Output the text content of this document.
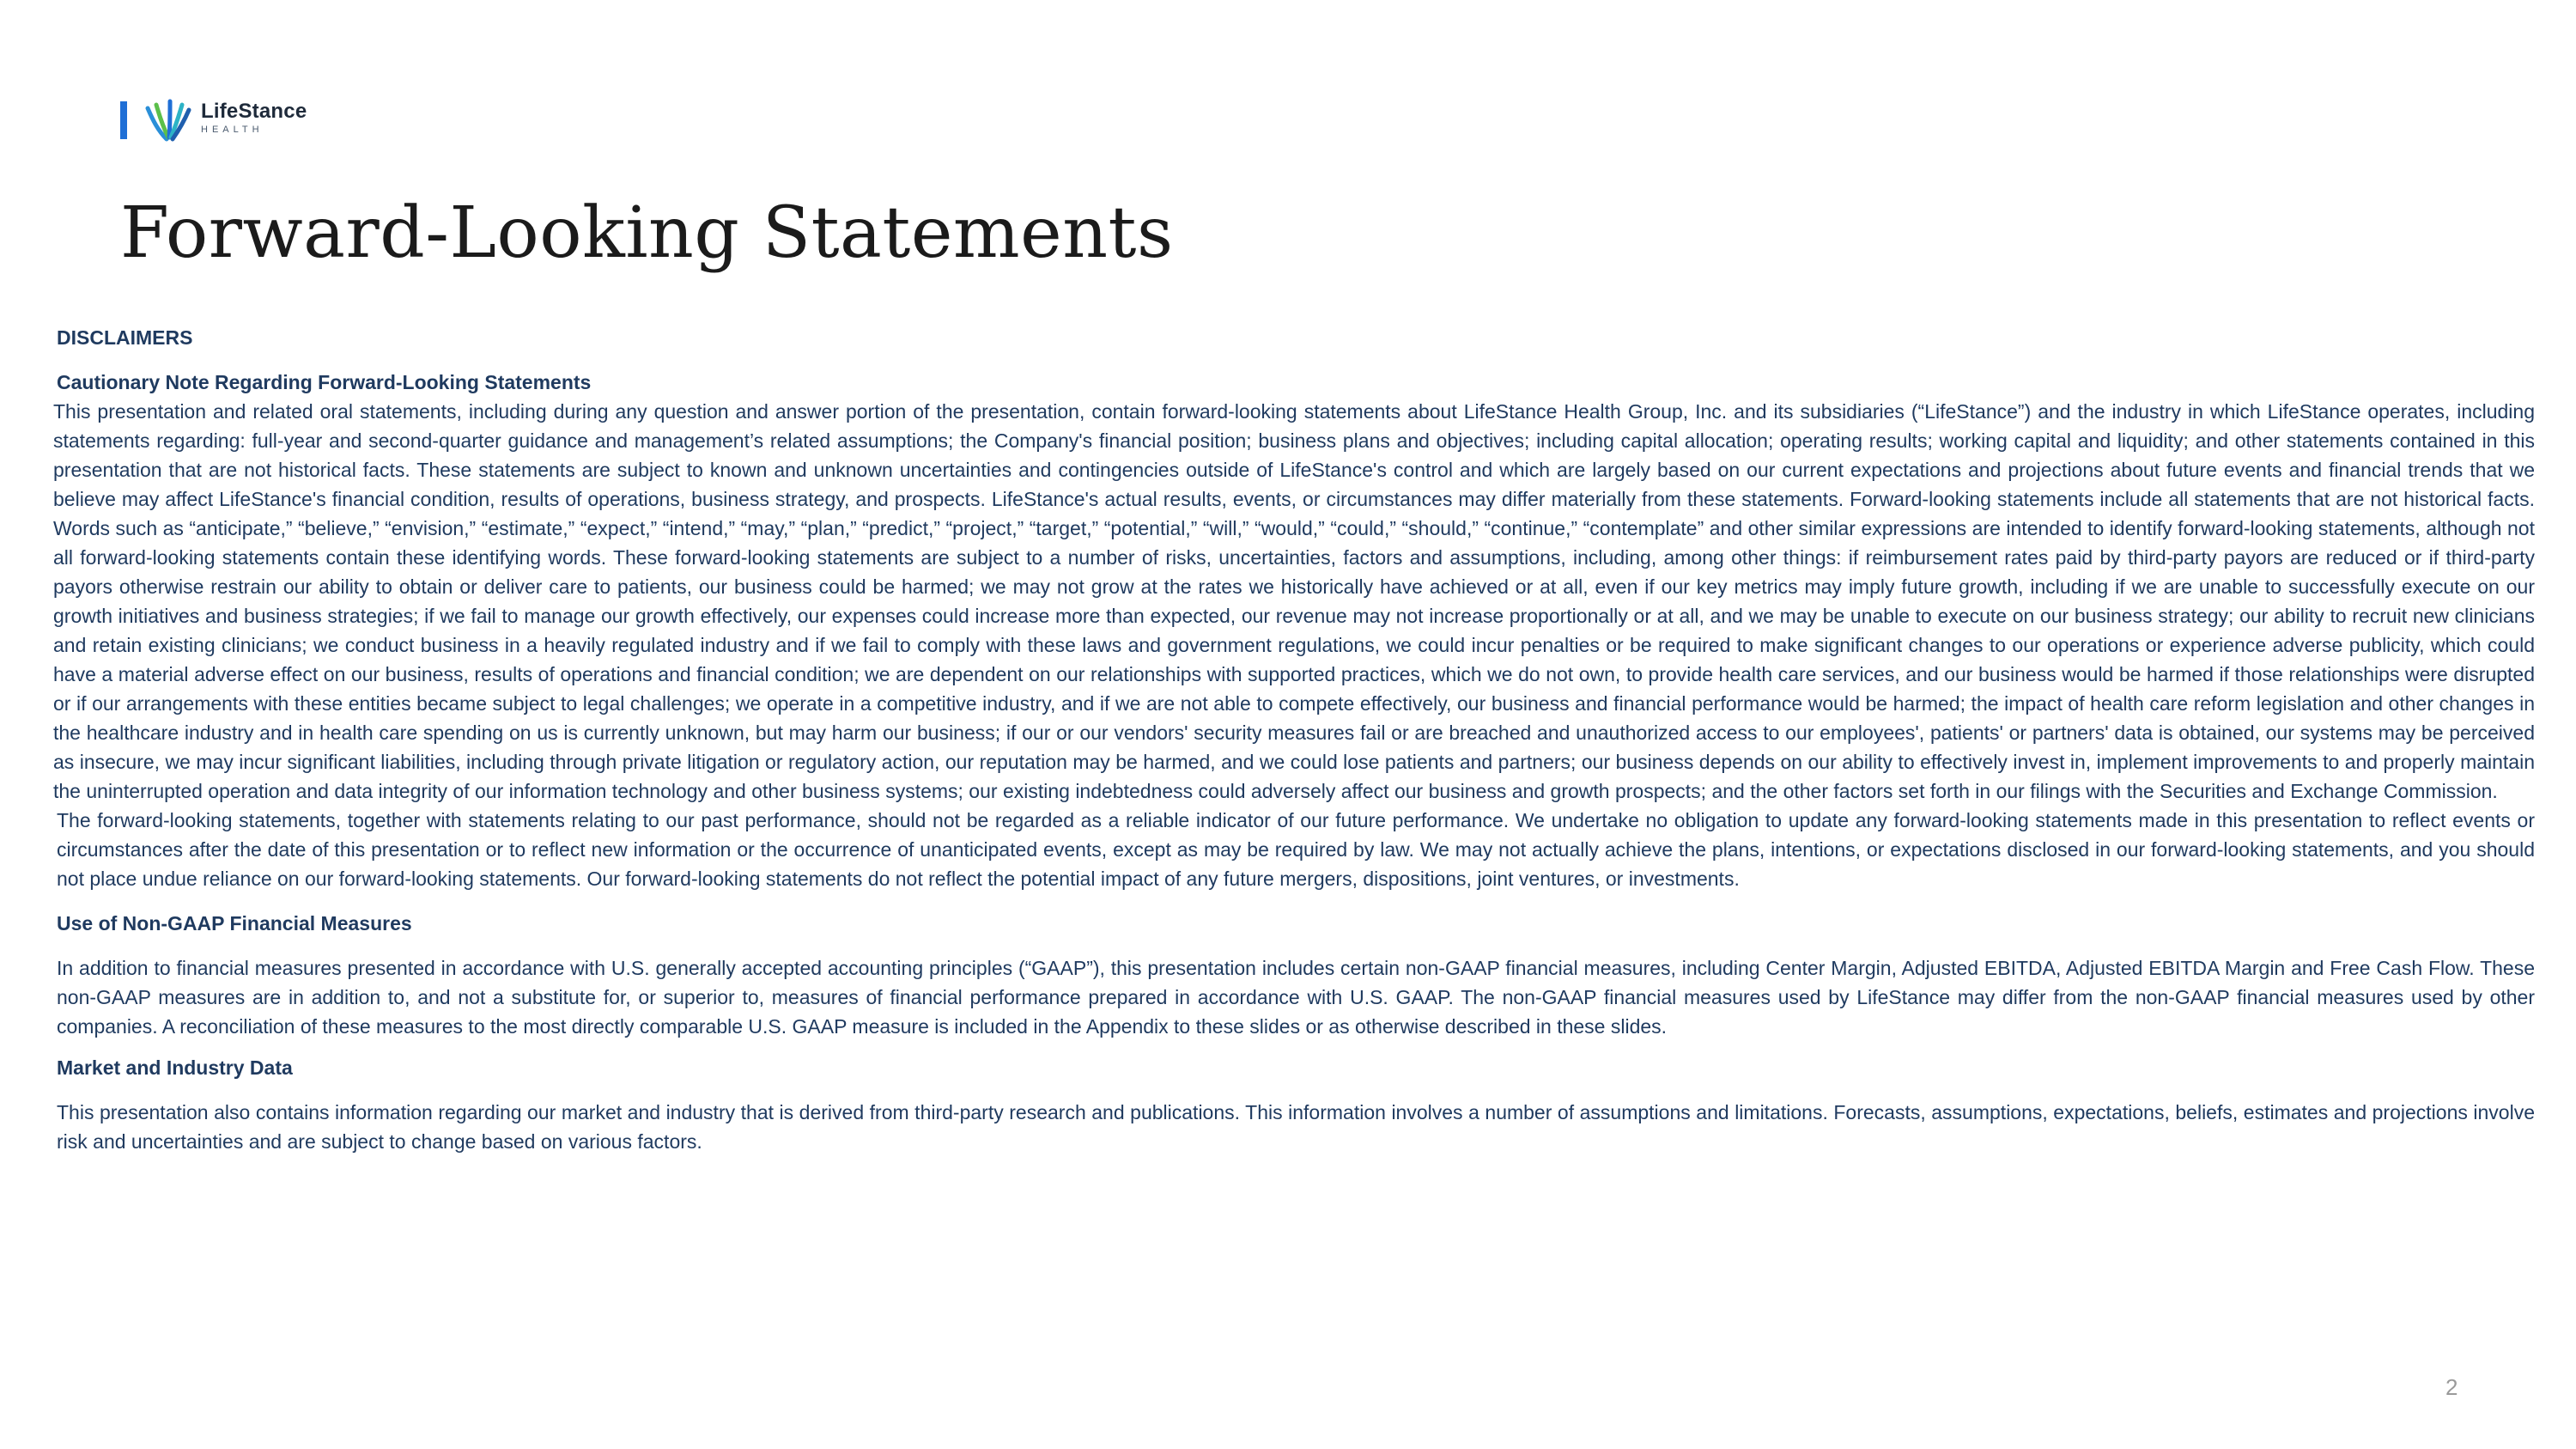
LifeStance
HEALTH
Forward-Looking Statements

DISCLAIMERS

Cautionary Note Regarding Forward-Looking Statements

This presentation and related oral statements, including during any question and answer portion of the presentation, contain forward-looking statements about LifeStance Health Group, Inc. and its subsidiaries (“LifeStance”) and the industry in which LifeStance operates, including statements regarding: full-year and second-quarter guidance and management’s related assumptions; the Company's financial position; business plans and objectives; including capital allocation; operating results; working capital and liquidity; and other statements contained in this presentation that are not historical facts. These statements are subject to known and unknown uncertainties and contingencies outside of LifeStance's control and which are largely based on our current expectations and projections about future events and financial trends that we believe may affect LifeStance's financial condition, results of operations, business strategy, and prospects. LifeStance's actual results, events, or circumstances may differ materially from these statements. Forward-looking statements include all statements that are not historical facts. Words such as “anticipate,” “believe,” “envision,” “estimate,” “expect,” “intend,” “may,” “plan,” “predict,” “project,” “target,” “potential,” “will,” “would,” “could,” “should,” “continue,” “contemplate” and other similar expressions are intended to identify forward-looking statements, although not all forward-looking statements contain these identifying words. These forward-looking statements are subject to a number of risks, uncertainties, factors and assumptions, including, among other things: if reimbursement rates paid by third-party payors are reduced or if third-party payors otherwise restrain our ability to obtain or deliver care to patients, our business could be harmed; we may not grow at the rates we historically have achieved or at all, even if our key metrics may imply future growth, including if we are unable to successfully execute on our growth initiatives and business strategies; if we fail to manage our growth effectively, our expenses could increase more than expected, our revenue may not increase proportionally or at all, and we may be unable to execute on our business strategy; our ability to recruit new clinicians and retain existing clinicians; we conduct business in a heavily regulated industry and if we fail to comply with these laws and government regulations, we could incur penalties or be required to make significant changes to our operations or experience adverse publicity, which could have a material adverse effect on our business, results of operations and financial condition; we are dependent on our relationships with supported practices, which we do not own, to provide health care services, and our business would be harmed if those relationships were disrupted or if our arrangements with these entities became subject to legal challenges; we operate in a competitive industry, and if we are not able to compete effectively, our business and financial performance would be harmed; the impact of health care reform legislation and other changes in the healthcare industry and in health care spending on us is currently unknown, but may harm our business; if our or our vendors' security measures fail or are breached and unauthorized access to our employees', patients' or partners' data is obtained, our systems may be perceived as insecure, we may incur significant liabilities, including through private litigation or regulatory action, our reputation may be harmed, and we could lose patients and partners; our business depends on our ability to effectively invest in, implement improvements to and properly maintain the uninterrupted operation and data integrity of our information technology and other business systems; our existing indebtedness could adversely affect our business and growth prospects; and the other factors set forth in our filings with the Securities and Exchange Commission.

The forward-looking statements, together with statements relating to our past performance, should not be regarded as a reliable indicator of our future performance. We undertake no obligation to update any forward-looking statements made in this presentation to reflect events or circumstances after the date of this presentation or to reflect new information or the occurrence of unanticipated events, except as may be required by law. We may not actually achieve the plans, intentions, or expectations disclosed in our forward-looking statements, and you should not place undue reliance on our forward-looking statements. Our forward-looking statements do not reflect the potential impact of any future mergers, dispositions, joint ventures, or investments.

Use of Non-GAAP Financial Measures

In addition to financial measures presented in accordance with U.S. generally accepted accounting principles (“GAAP”), this presentation includes certain non-GAAP financial measures, including Center Margin, Adjusted EBITDA, Adjusted EBITDA Margin and Free Cash Flow. These non-GAAP measures are in addition to, and not a substitute for, or superior to, measures of financial performance prepared in accordance with U.S. GAAP. The non-GAAP financial measures used by LifeStance may differ from the non-GAAP financial measures used by other companies. A reconciliation of these measures to the most directly comparable U.S. GAAP measure is included in the Appendix to these slides or as otherwise described in these slides.

Market and Industry Data

This presentation also contains information regarding our market and industry that is derived from third-party research and publications. This information involves a number of assumptions and limitations. Forecasts, assumptions, expectations, beliefs, estimates and projections involve risk and uncertainties and are subject to change based on various factors.

2
